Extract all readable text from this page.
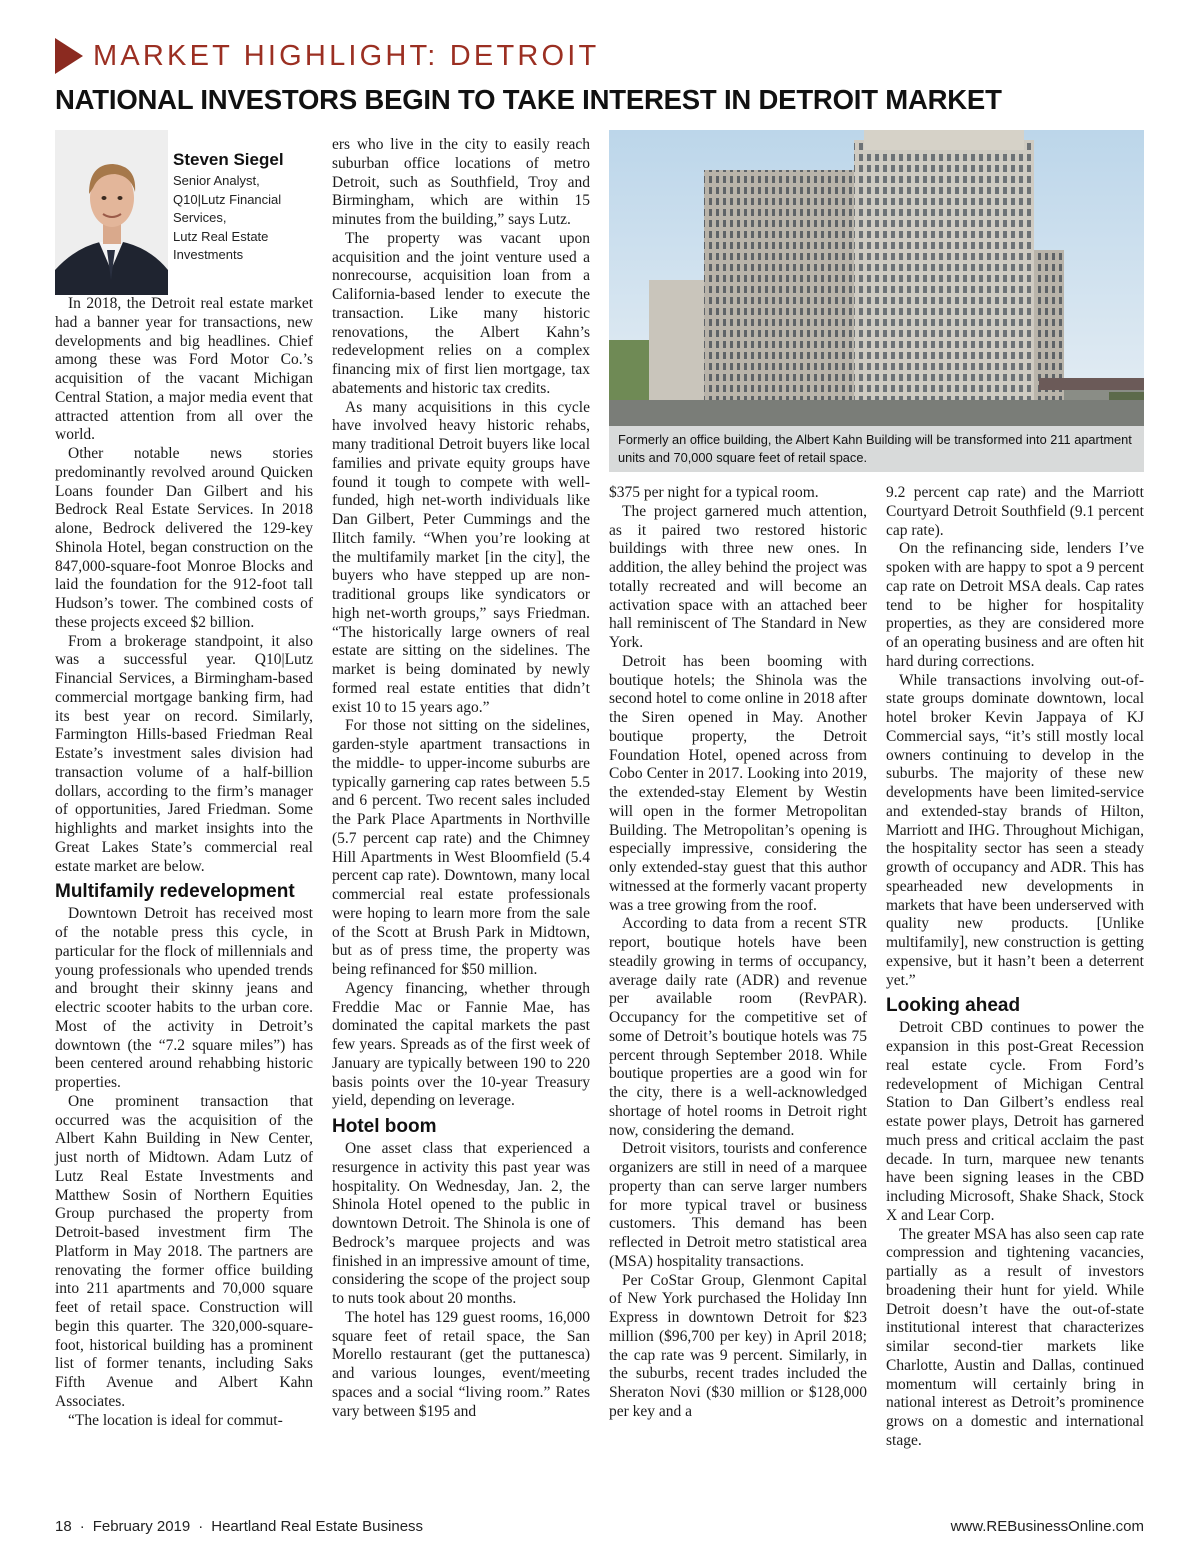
MARKET HIGHLIGHT: DETROIT
NATIONAL INVESTORS BEGIN TO TAKE INTEREST IN DETROIT MARKET
Steven Siegel
Senior Analyst,
Q10|Lutz Financial
Services,
Lutz Real Estate
Investments

In 2018, the Detroit real estate market had a banner year for transactions, new developments and big headlines. Chief among these was Ford Motor Co.’s acquisition of the vacant Michigan Central Station, a major media event that attracted attention from all over the world.

Other notable news stories predominantly revolved around Quicken Loans founder Dan Gilbert and his Bedrock Real Estate Services. In 2018 alone, Bedrock delivered the 129-key Shinola Hotel, began construction on the 847,000-square-foot Monroe Blocks and laid the foundation for the 912-foot tall Hudson’s tower. The combined costs of these projects exceed $2 billion.

From a brokerage standpoint, it also was a successful year. Q10|Lutz Financial Services, a Birmingham-based commercial mortgage banking firm, had its best year on record. Similarly, Farmington Hills-based Friedman Real Estate’s investment sales division had transaction volume of a half-billion dollars, according to the firm’s manager of opportunities, Jared Friedman. Some highlights and market insights into the Great Lakes State’s commercial real estate market are below.

Multifamily redevelopment

Downtown Detroit has received most of the notable press this cycle, in particular for the flock of millennials and young professionals who upended trends and brought their skinny jeans and electric scooter habits to the urban core. Most of the activity in Detroit’s downtown (the “7.2 square miles”) has been centered around rehabbing historic properties.

One prominent transaction that occurred was the acquisition of the Albert Kahn Building in New Center, just north of Midtown. Adam Lutz of Lutz Real Estate Investments and Matthew Sosin of Northern Equities Group purchased the property from Detroit-based investment firm The Platform in May 2018. The partners are renovating the former office building into 211 apartments and 70,000 square feet of retail space. Construction will begin this quarter. The 320,000-square-foot, historical building has a prominent list of former tenants, including Saks Fifth Avenue and Albert Kahn Associates.

“The location is ideal for commut-

ers who live in the city to easily reach suburban office locations of metro Detroit, such as Southfield, Troy and Birmingham, which are within 15 minutes from the building,” says Lutz.

The property was vacant upon acquisition and the joint venture used a nonrecourse, acquisition loan from a California-based lender to execute the transaction. Like many historic renovations, the Albert Kahn’s redevelopment relies on a complex financing mix of first lien mortgage, tax abatements and historic tax credits.

As many acquisitions in this cycle have involved heavy historic rehabs, many traditional Detroit buyers like local families and private equity groups have found it tough to compete with well-funded, high net-worth individuals like Dan Gilbert, Peter Cummings and the Ilitch family. “When you’re looking at the multifamily market [in the city], the buyers who have stepped up are non-traditional groups like syndicators or high net-worth groups,” says Friedman. “The historically large owners of real estate are sitting on the sidelines. The market is being dominated by newly formed real estate entities that didn’t exist 10 to 15 years ago.”

For those not sitting on the sidelines, garden-style apartment transactions in the middle- to upper-income suburbs are typically garnering cap rates between 5.5 and 6 percent. Two recent sales included the Park Place Apartments in Northville (5.7 percent cap rate) and the Chimney Hill Apartments in West Bloomfield (5.4 percent cap rate). Downtown, many local commercial real estate professionals were hoping to learn more from the sale of the Scott at Brush Park in Midtown, but as of press time, the property was being refinanced for $50 million.

Agency financing, whether through Freddie Mac or Fannie Mae, has dominated the capital markets the past few years. Spreads as of the first week of January are typically between 190 to 220 basis points over the 10-year Treasury yield, depending on leverage.

Hotel boom

One asset class that experienced a resurgence in activity this past year was hospitality. On Wednesday, Jan. 2, the Shinola Hotel opened to the public in downtown Detroit. The Shinola is one of Bedrock’s marquee projects and was finished in an impressive amount of time, considering the scope of the project soup to nuts took about 20 months.

The hotel has 129 guest rooms, 16,000 square feet of retail space, the San Morello restaurant (get the puttanesca) and various lounges, event/meeting spaces and a social “living room.” Rates vary between $195 and

Formerly an office building, the Albert Kahn Building will be transformed into 211 apartment units and 70,000 square feet of retail space.

$375 per night for a typical room.

The project garnered much attention, as it paired two restored historic buildings with three new ones. In addition, the alley behind the project was totally recreated and will become an activation space with an attached beer hall reminiscent of The Standard in New York.

Detroit has been booming with boutique hotels; the Shinola was the second hotel to come online in 2018 after the Siren opened in May. Another boutique property, the Detroit Foundation Hotel, opened across from Cobo Center in 2017. Looking into 2019, the extended-stay Element by Westin will open in the former Metropolitan Building. The Metropolitan’s opening is especially impressive, considering the only extended-stay guest that this author witnessed at the formerly vacant property was a tree growing from the roof.

According to data from a recent STR report, boutique hotels have been steadily growing in terms of occupancy, average daily rate (ADR) and revenue per available room (RevPAR). Occupancy for the competitive set of some of Detroit’s boutique hotels was 75 percent through September 2018. While boutique properties are a good win for the city, there is a well-acknowledged shortage of hotel rooms in Detroit right now, considering the demand.

Detroit visitors, tourists and conference organizers are still in need of a marquee property than can serve larger numbers for more typical travel or business customers. This demand has been reflected in Detroit metro statistical area (MSA) hospitality transactions.

Per CoStar Group, Glenmont Capital of New York purchased the Holiday Inn Express in downtown Detroit for $23 million ($96,700 per key) in April 2018; the cap rate was 9 percent. Similarly, in the suburbs, recent trades included the Sheraton Novi ($30 million or $128,000 per key and a

9.2 percent cap rate) and the Marriott Courtyard Detroit Southfield (9.1 percent cap rate).

On the refinancing side, lenders I’ve spoken with are happy to spot a 9 percent cap rate on Detroit MSA deals. Cap rates tend to be higher for hospitality properties, as they are considered more of an operating business and are often hit hard during corrections.

While transactions involving out-of-state groups dominate downtown, local hotel broker Kevin Jappaya of KJ Commercial says, “it’s still mostly local owners continuing to develop in the suburbs. The majority of these new developments have been limited-service and extended-stay brands of Hilton, Marriott and IHG. Throughout Michigan, the hospitality sector has seen a steady growth of occupancy and ADR. This has spearheaded new developments in markets that have been underserved with quality new products. [Unlike multifamily], new construction is getting expensive, but it hasn’t been a deterrent yet.”

Looking ahead

Detroit CBD continues to power the expansion in this post-Great Recession real estate cycle. From Ford’s redevelopment of Michigan Central Station to Dan Gilbert’s endless real estate power plays, Detroit has garnered much press and critical acclaim the past decade. In turn, marquee new tenants have been signing leases in the CBD including Microsoft, Shake Shack, Stock X and Lear Corp.

The greater MSA has also seen cap rate compression and tightening vacancies, partially as a result of investors broadening their hunt for yield. While Detroit doesn’t have the out-of-state institutional interest that characterizes similar second-tier markets like Charlotte, Austin and Dallas, continued momentum will certainly bring in national interest as Detroit’s prominence grows on a domestic and international stage.

18 · February 2019 · Heartland Real Estate Business	www.REBusinessOnline.com
